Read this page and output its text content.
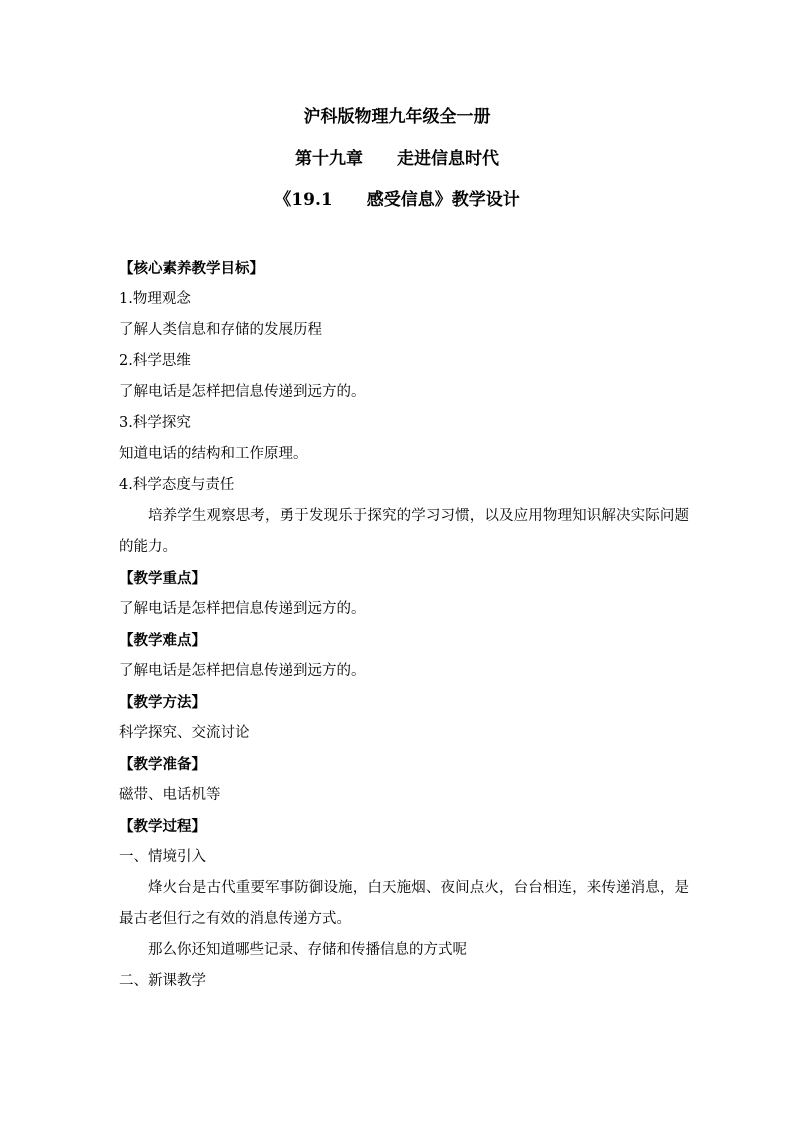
沪科版物理九年级全一册
第十九章　　走进信息时代
《19.1　　感受信息》教学设计
【核心素养教学目标】
1.物理观念
了解人类信息和存储的发展历程
2.科学思维
了解电话是怎样把信息传递到远方的。
3.科学探究
知道电话的结构和工作原理。
4.科学态度与责任
培养学生观察思考，勇于发现乐于探究的学习习惯，以及应用物理知识解决实际问题的能力。
【教学重点】
了解电话是怎样把信息传递到远方的。
【教学难点】
了解电话是怎样把信息传递到远方的。
【教学方法】
科学探究、交流讨论
【教学准备】
磁带、电话机等
【教学过程】
一、情境引入
烽火台是古代重要军事防御设施，白天施烟、夜间点火，台台相连，来传递消息，是最古老但行之有效的消息传递方式。
那么你还知道哪些记录、存储和传播信息的方式呢
二、新课教学
